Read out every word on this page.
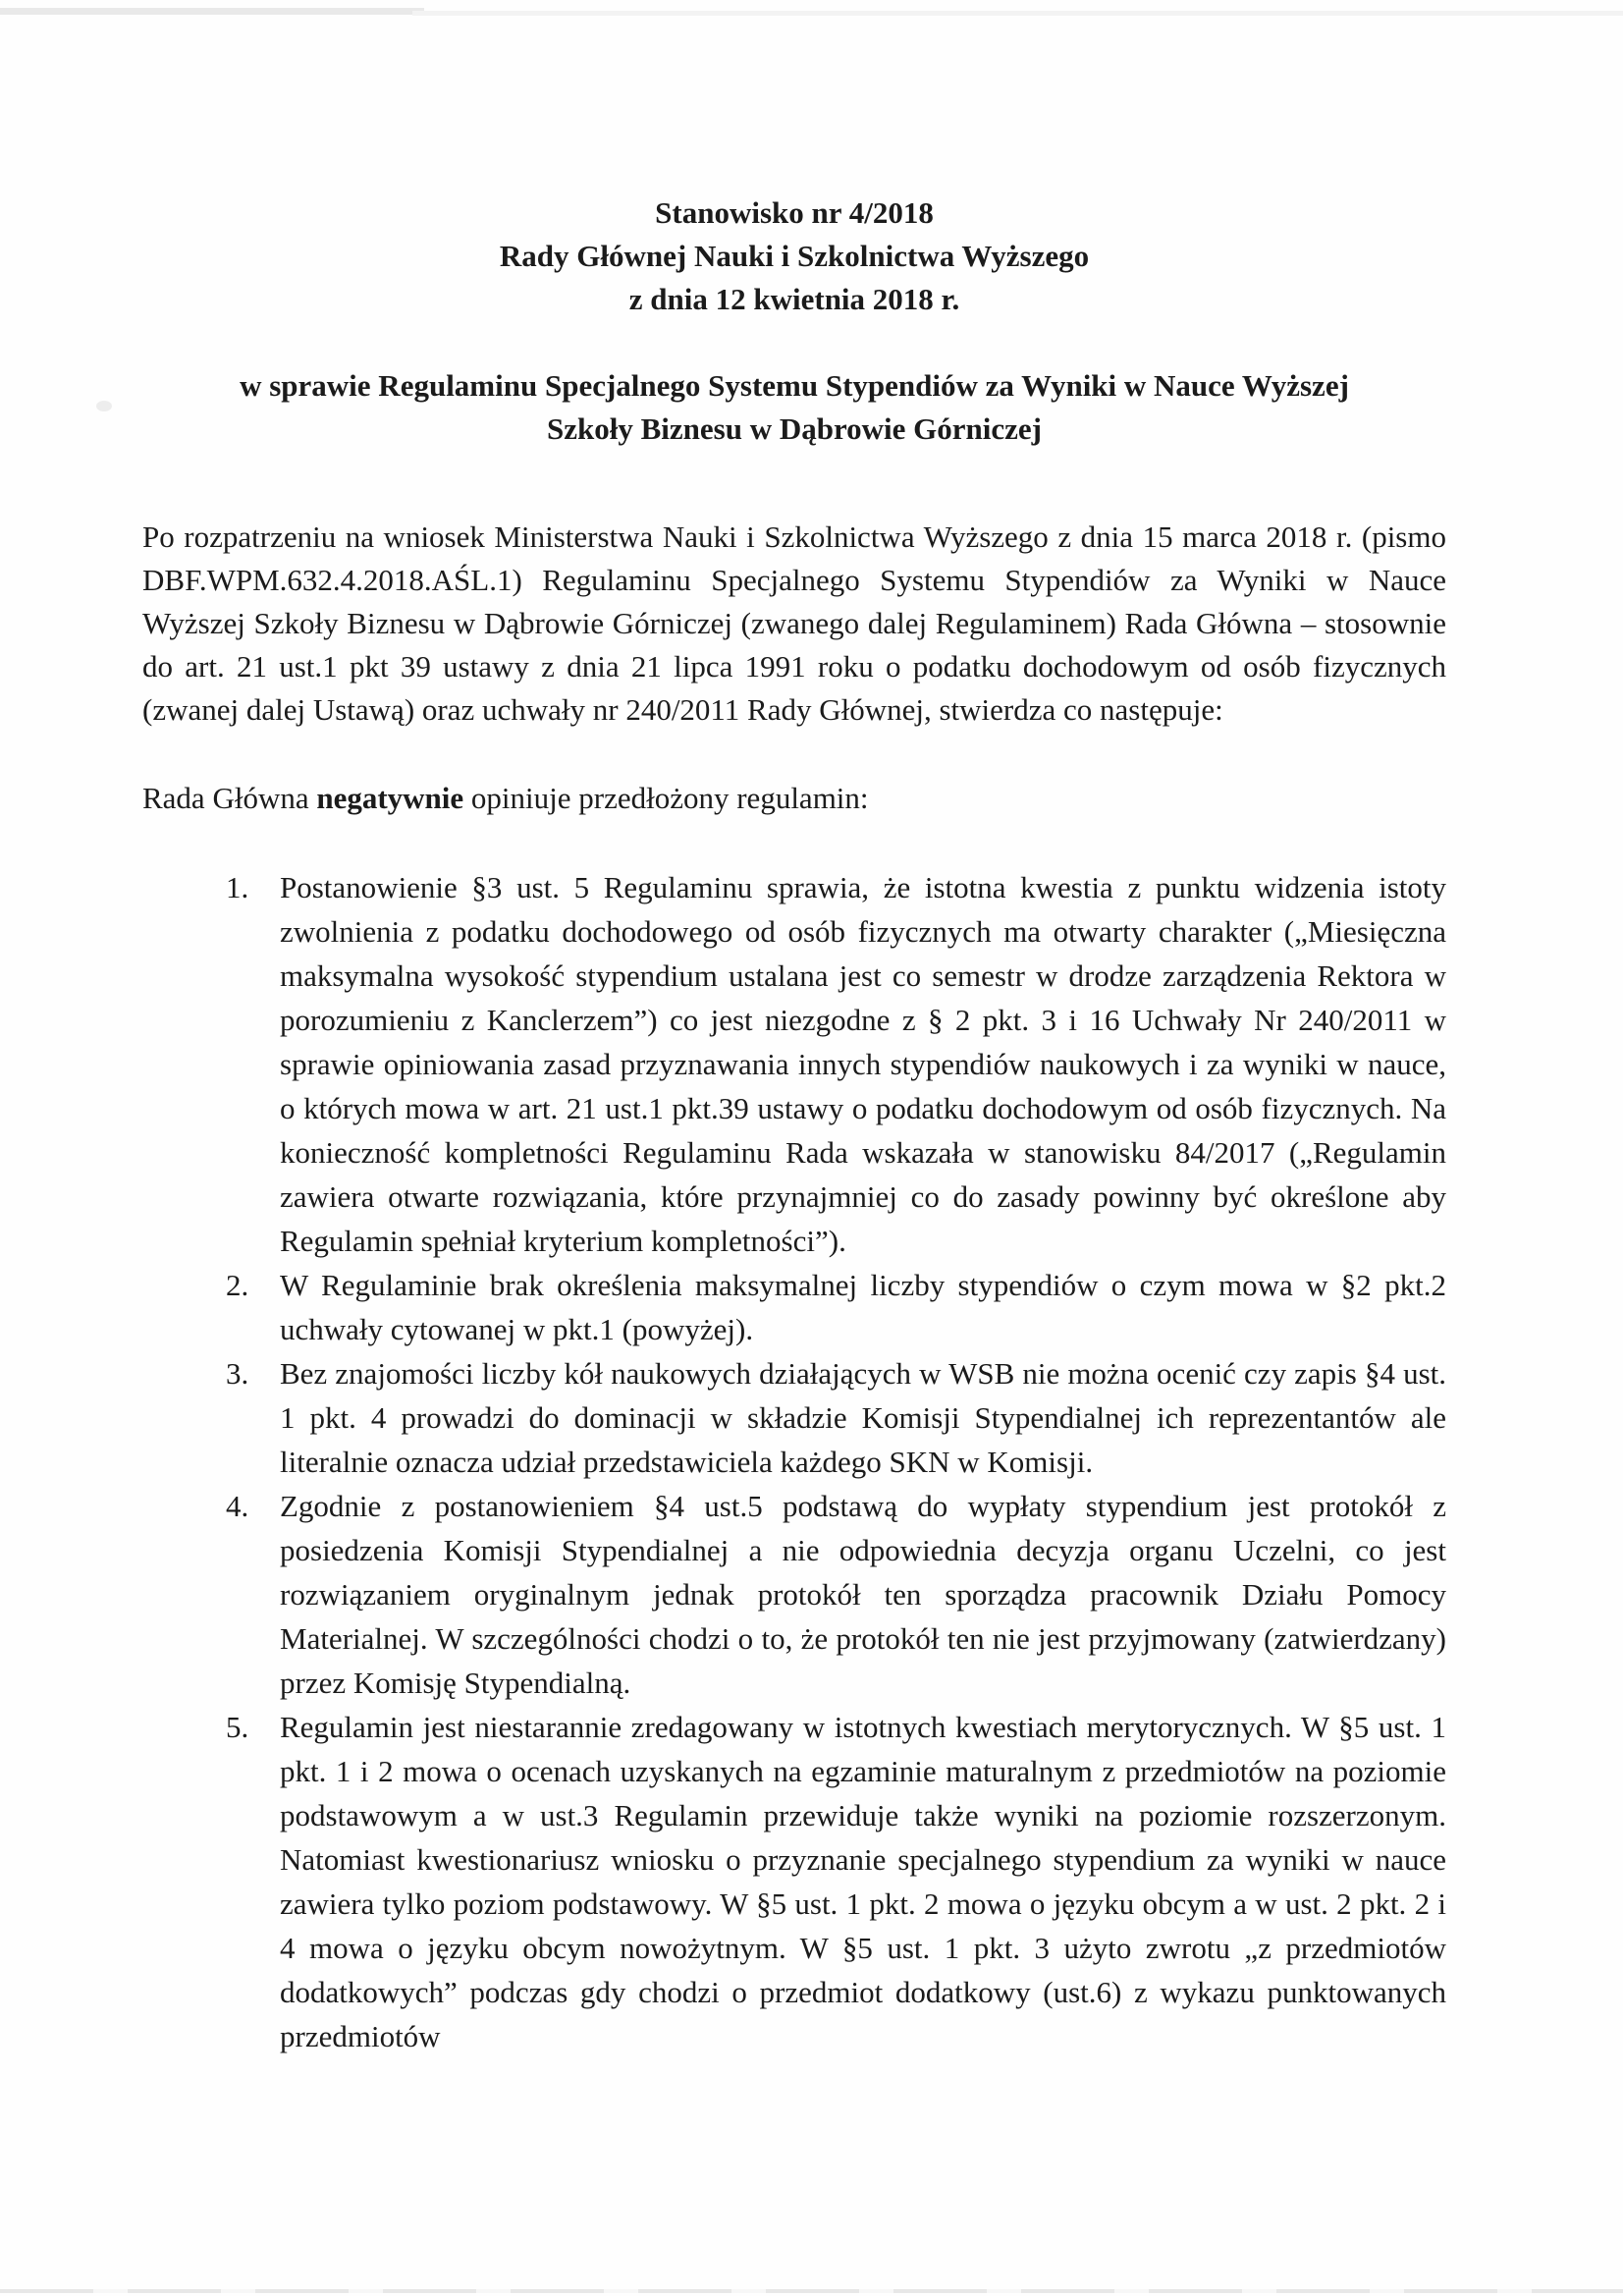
Stanowisko nr 4/2018
Rady Głównej Nauki i Szkolnictwa Wyższego
z dnia 12 kwietnia 2018 r.
w sprawie Regulaminu Specjalnego Systemu Stypendiów za Wyniki w Nauce Wyższej
Szkoły Biznesu w Dąbrowie Górniczej

Po rozpatrzeniu na wniosek Ministerstwa Nauki i Szkolnictwa Wyższego z dnia 15 marca 2018 r. (pismo DBF.WPM.632.4.2018.AŚL.1) Regulaminu Specjalnego Systemu Stypendiów za Wyniki w Nauce Wyższej Szkoły Biznesu w Dąbrowie Górniczej (zwanego dalej Regulaminem) Rada Główna – stosownie do art. 21 ust.1 pkt 39 ustawy z dnia 21 lipca 1991 roku o podatku dochodowym od osób fizycznych (zwanej dalej Ustawą) oraz uchwały nr 240/2011 Rady Głównej, stwierdza co następuje:

Rada Główna negatywnie opiniuje przedłożony regulamin:

1. Postanowienie §3 ust. 5 Regulaminu sprawia, że istotna kwestia z punktu widzenia istoty zwolnienia z podatku dochodowego od osób fizycznych ma otwarty charakter („Miesięczna maksymalna wysokość stypendium ustalana jest co semestr w drodze zarządzenia Rektora w porozumieniu z Kanclerzem”) co jest niezgodne z § 2 pkt. 3 i 16 Uchwały Nr 240/2011 w sprawie opiniowania zasad przyznawania innych stypendiów naukowych i za wyniki w nauce, o których mowa w art. 21 ust.1 pkt.39 ustawy o podatku dochodowym od osób fizycznych. Na konieczność kompletności Regulaminu Rada wskazała w stanowisku 84/2017 („Regulamin zawiera otwarte rozwiązania, które przynajmniej co do zasady powinny być określone aby Regulamin spełniał kryterium kompletności”).
2. W Regulaminie brak określenia maksymalnej liczby stypendiów o czym mowa w §2 pkt.2 uchwały cytowanej w pkt.1 (powyżej).
3. Bez znajomości liczby kół naukowych działających w WSB nie można ocenić czy zapis §4 ust. 1 pkt. 4 prowadzi do dominacji w składzie Komisji Stypendialnej ich reprezentantów ale literalnie oznacza udział przedstawiciela każdego SKN w Komisji.
4. Zgodnie z postanowieniem §4 ust.5 podstawą do wypłaty stypendium jest protokół z posiedzenia Komisji Stypendialnej a nie odpowiednia decyzja organu Uczelni, co jest rozwiązaniem oryginalnym jednak protokół ten sporządza pracownik Działu Pomocy Materialnej. W szczególności chodzi o to, że protokół ten nie jest przyjmowany (zatwierdzany) przez Komisję Stypendialną.
5. Regulamin jest niestarannie zredagowany w istotnych kwestiach merytorycznych. W §5 ust. 1 pkt. 1 i 2 mowa o ocenach uzyskanych na egzaminie maturalnym z przedmiotów na poziomie podstawowym a w ust.3 Regulamin przewiduje także wyniki na poziomie rozszerzonym. Natomiast kwestionariusz wniosku o przyznanie specjalnego stypendium za wyniki w nauce zawiera tylko poziom podstawowy. W §5 ust. 1 pkt. 2 mowa o języku obcym a w ust. 2 pkt. 2 i 4 mowa o języku obcym nowożytnym. W §5 ust. 1 pkt. 3 użyto zwrotu „z przedmiotów dodatkowych” podczas gdy chodzi o przedmiot dodatkowy (ust.6) z wykazu punktowanych przedmiotów
